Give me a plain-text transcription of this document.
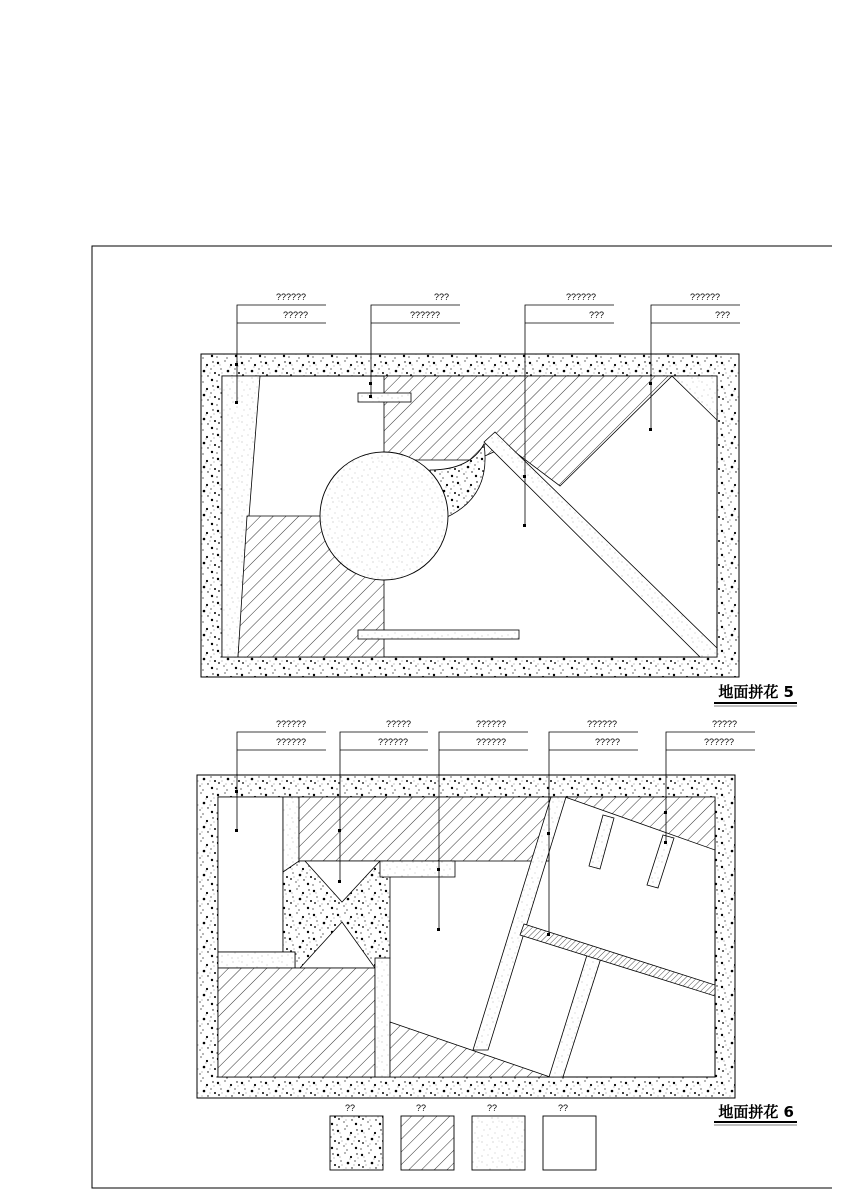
??????
?????
???
??????
??????
???
??????
???
地面拼花 5
??????
??????
?????
??????
??????
??????
??????
?????
?????
??????
地面拼花 6
??	??	??	??
